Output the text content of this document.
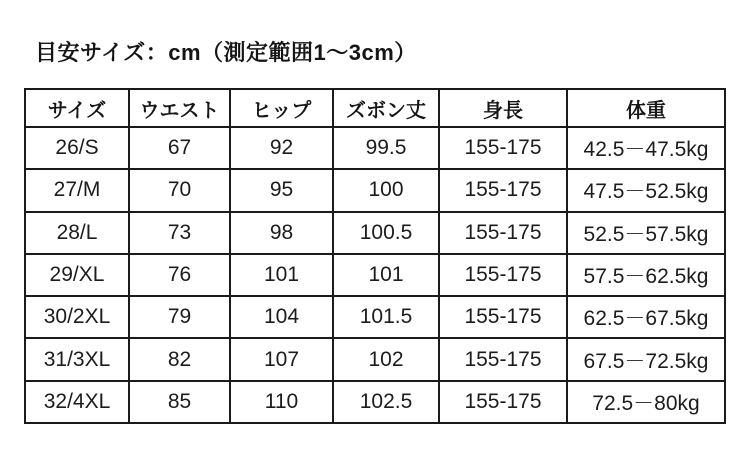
目安サイズ：cm（測定範囲1～3cm）
サイズ	ウエスト	ヒップ	ズボン丈	身長	体重
26/S	67	92	99.5	155-175	42.5－47.5kg
27/M	70	95	100	155-175	47.5－52.5kg
28/L	73	98	100.5	155-175	52.5－57.5kg
29/XL	76	101	101	155-175	57.5－62.5kg
30/2XL	79	104	101.5	155-175	62.5－67.5kg
31/3XL	82	107	102	155-175	67.5－72.5kg
32/4XL	85	110	102.5	155-175	72.5－80kg
